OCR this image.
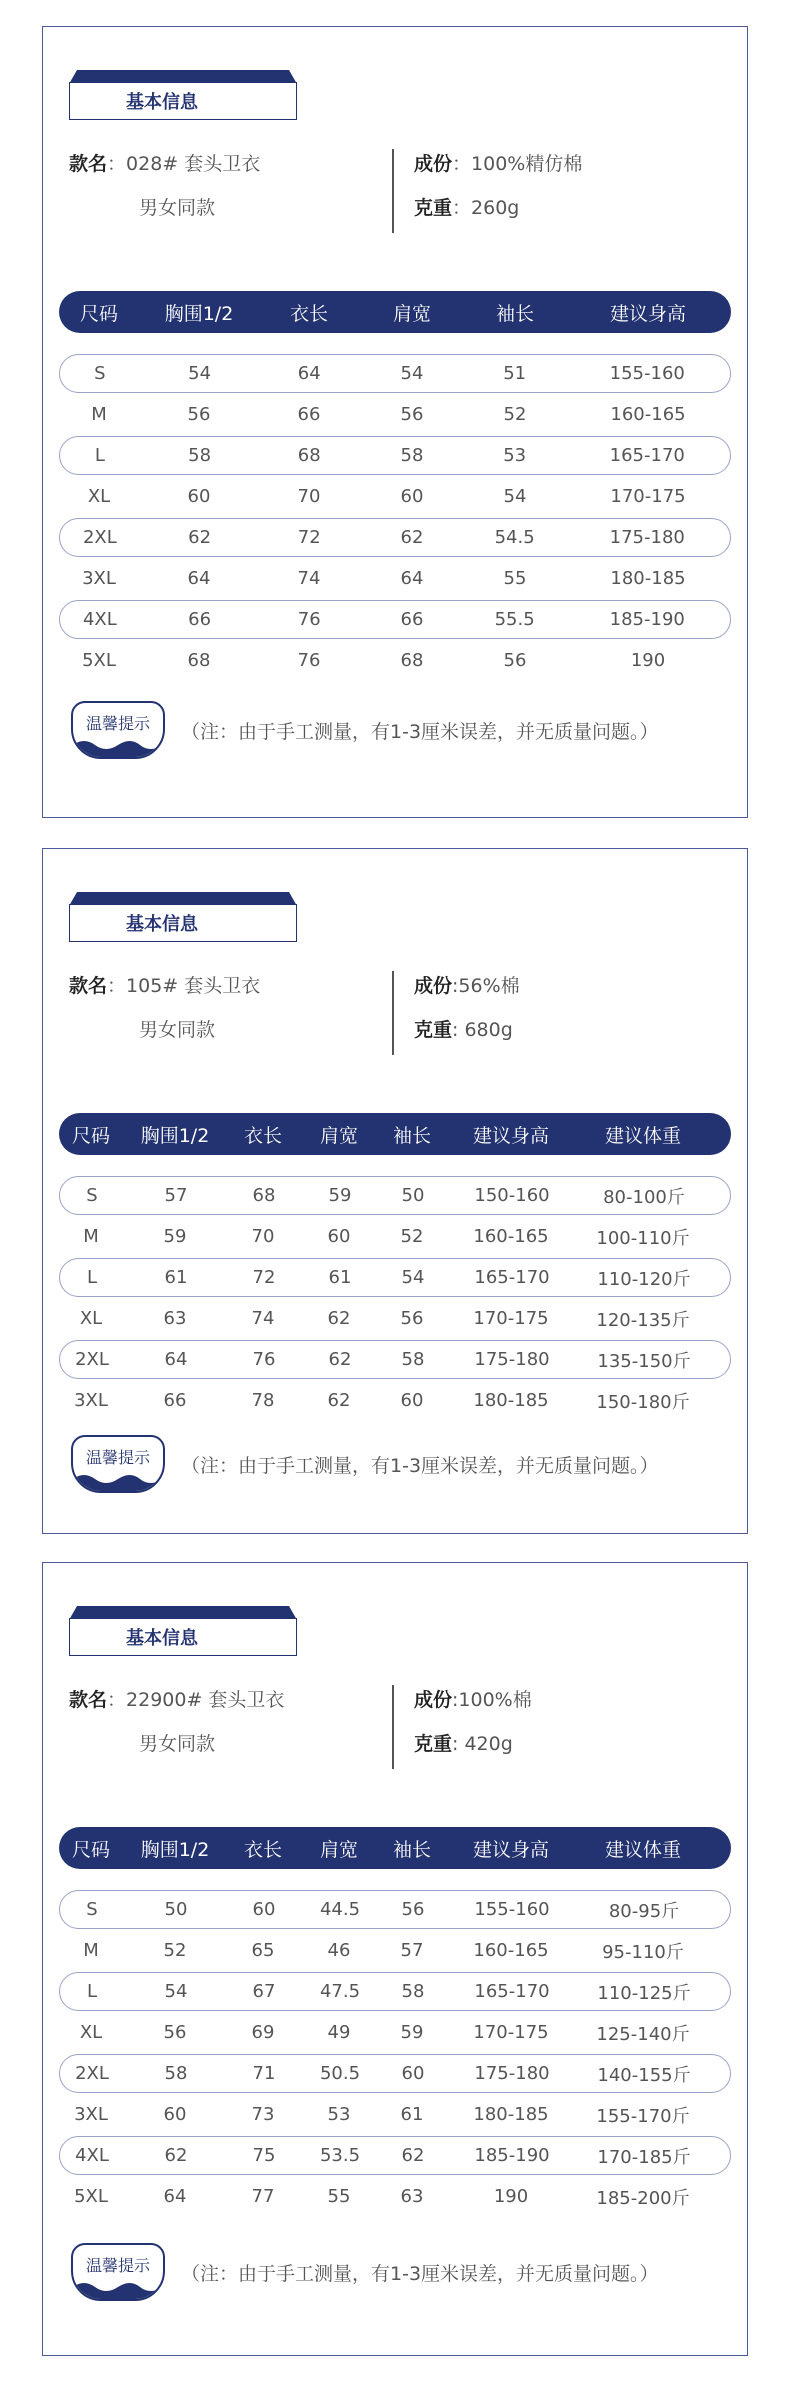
基本信息
款名：028# 套头卫衣
男女同款
成份：100%精仿棉
克重：260g
尺码	胸围1/2	衣长	肩宽	袖长	建议身高
S	54	64	54	51	155-160
M	56	66	56	52	160-165
L	58	68	58	53	165-170
XL	60	70	60	54	170-175
2XL	62	72	62	54.5	175-180
3XL	64	74	64	55	180-185
4XL	66	76	66	55.5	185-190
5XL	68	76	68	56	190
温馨提示	（注：由于手工测量，有1-3厘米误差，并无质量问题。）
基本信息
款名：105# 套头卫衣
男女同款
成份:56%棉
克重: 680g
尺码	胸围1/2	衣长	肩宽	袖长	建议身高	建议体重
S	57	68	59	50	150-160	80-100斤
M	59	70	60	52	160-165	100-110斤
L	61	72	61	54	165-170	110-120斤
XL	63	74	62	56	170-175	120-135斤
2XL	64	76	62	58	175-180	135-150斤
3XL	66	78	62	60	180-185	150-180斤
温馨提示	（注：由于手工测量，有1-3厘米误差，并无质量问题。）
基本信息
款名：22900# 套头卫衣
男女同款
成份:100%棉
克重: 420g
尺码	胸围1/2	衣长	肩宽	袖长	建议身高	建议体重
S	50	60	44.5	56	155-160	80-95斤
M	52	65	46	57	160-165	95-110斤
L	54	67	47.5	58	165-170	110-125斤
XL	56	69	49	59	170-175	125-140斤
2XL	58	71	50.5	60	175-180	140-155斤
3XL	60	73	53	61	180-185	155-170斤
4XL	62	75	53.5	62	185-190	170-185斤
5XL	64	77	55	63	190	185-200斤
温馨提示	（注：由于手工测量，有1-3厘米误差，并无质量问题。）
